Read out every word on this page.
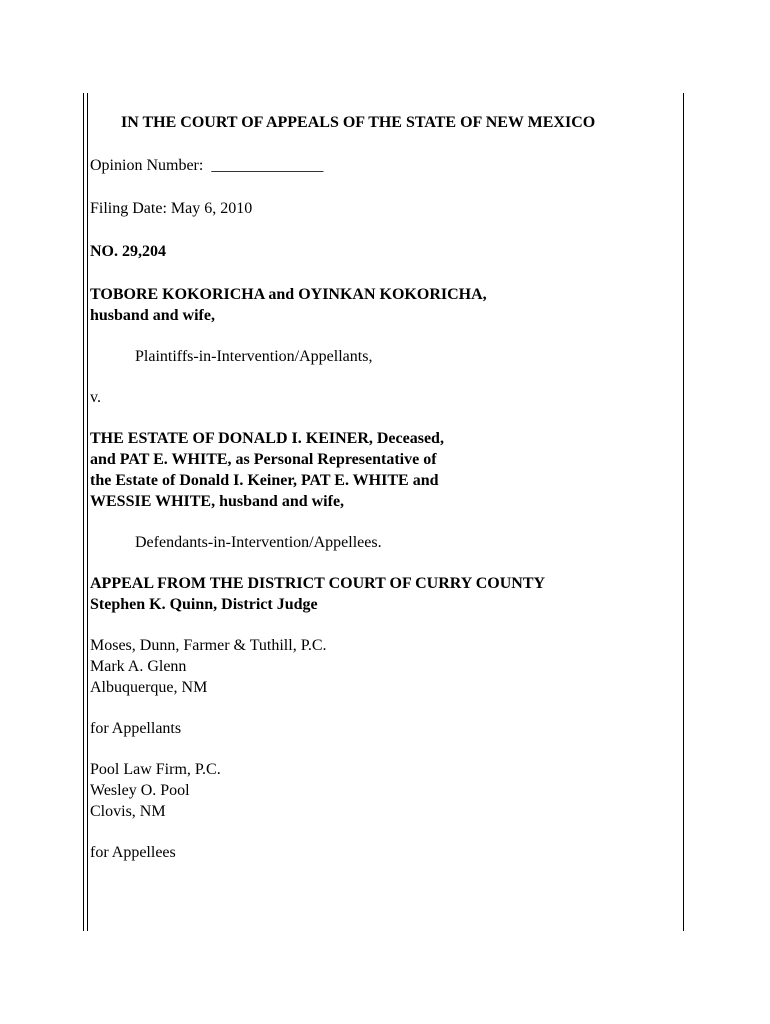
IN THE COURT OF APPEALS OF THE STATE OF NEW MEXICO
Opinion Number:  ______________
Filing Date: May 6, 2010
NO. 29,204
TOBORE KOKORICHA and OYINKAN KOKORICHA,
husband and wife,
Plaintiffs-in-Intervention/Appellants,
v.
THE ESTATE OF DONALD I. KEINER, Deceased,
and PAT E. WHITE, as Personal Representative of
the Estate of Donald I. Keiner, PAT E. WHITE and
WESSIE WHITE, husband and wife,
Defendants-in-Intervention/Appellees.
APPEAL FROM THE DISTRICT COURT OF CURRY COUNTY
Stephen K. Quinn, District Judge
Moses, Dunn, Farmer & Tuthill, P.C.
Mark A. Glenn
Albuquerque, NM
for Appellants
Pool Law Firm, P.C.
Wesley O. Pool
Clovis, NM
for Appellees
